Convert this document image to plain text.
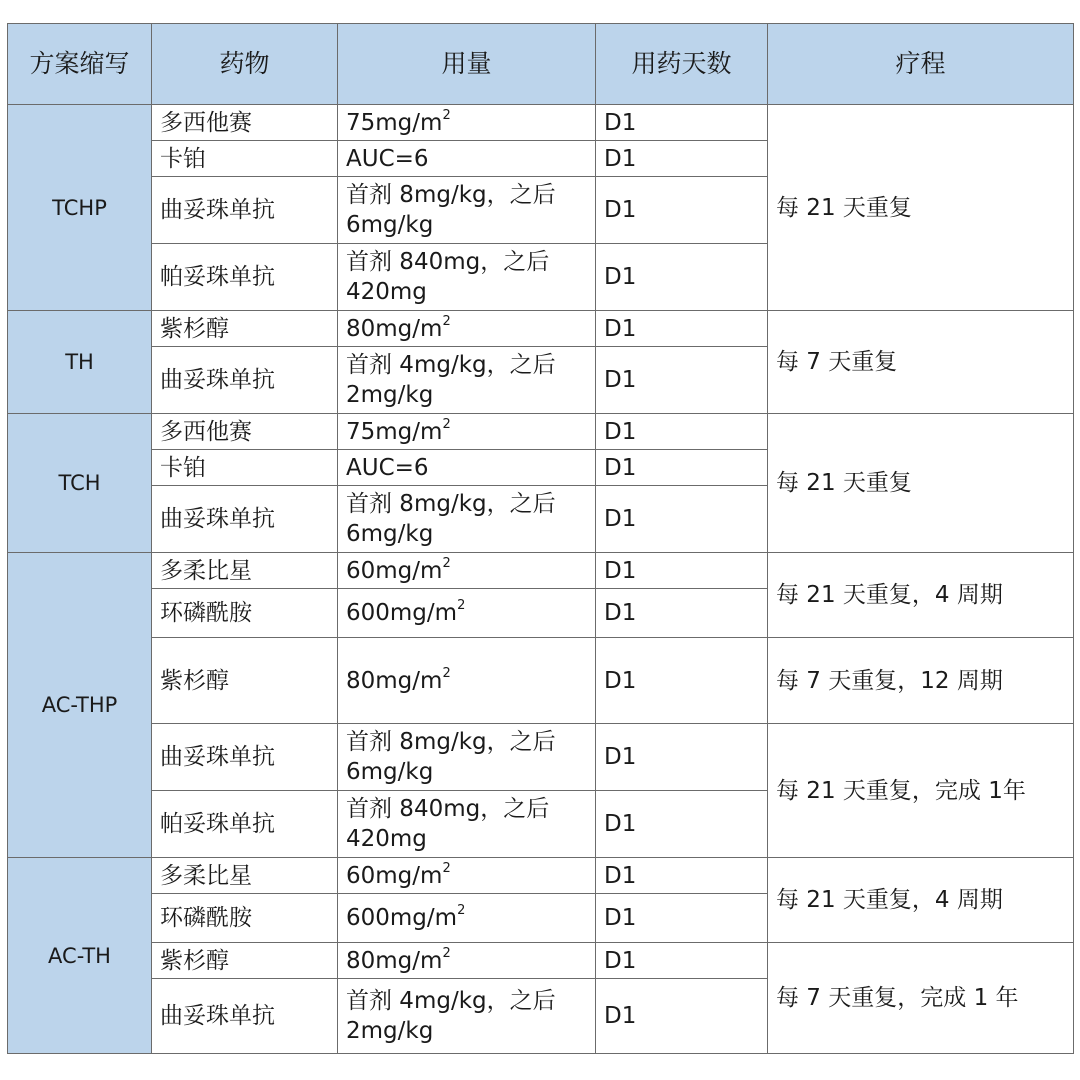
方案缩写	药物	用量	用药天数	疗程
TCHP	多西他赛	$75mg/m^2$	D1	每 21 天重复
	卡铂	AUC=6	D1	
	曲妥珠单抗	首剂 8mg/kg，之后 6mg/kg	D1	
	帕妥珠单抗	首剂 840mg，之后 420mg	D1	
TH	紫杉醇	$80mg/m^2$	D1	每 7 天重复
	曲妥珠单抗	首剂 4mg/kg，之后 2mg/kg	D1	
TCH	多西他赛	$75mg/m^2$	D1	每 21 天重复
	卡铂	AUC=6	D1	
	曲妥珠单抗	首剂 8mg/kg，之后 6mg/kg	D1	
AC-THP	多柔比星	$60mg/m^2$	D1	每 21 天重复，4 周期
	环磷酰胺	$600mg/m^2$	D1	
	紫杉醇	$80mg/m^2$	D1	每 7 天重复，12 周期
	曲妥珠单抗	首剂 8mg/kg，之后 6mg/kg	D1	每 21 天重复，完成 1年
	帕妥珠单抗	首剂 840mg，之后 420mg	D1	
AC-TH	多柔比星	$60mg/m^2$	D1	每 21 天重复，4 周期
	环磷酰胺	$600mg/m^2$	D1	
	紫杉醇	$80mg/m^2$	D1	每 7 天重复，完成 1 年
	曲妥珠单抗	首剂 4mg/kg，之后 2mg/kg	D1	
